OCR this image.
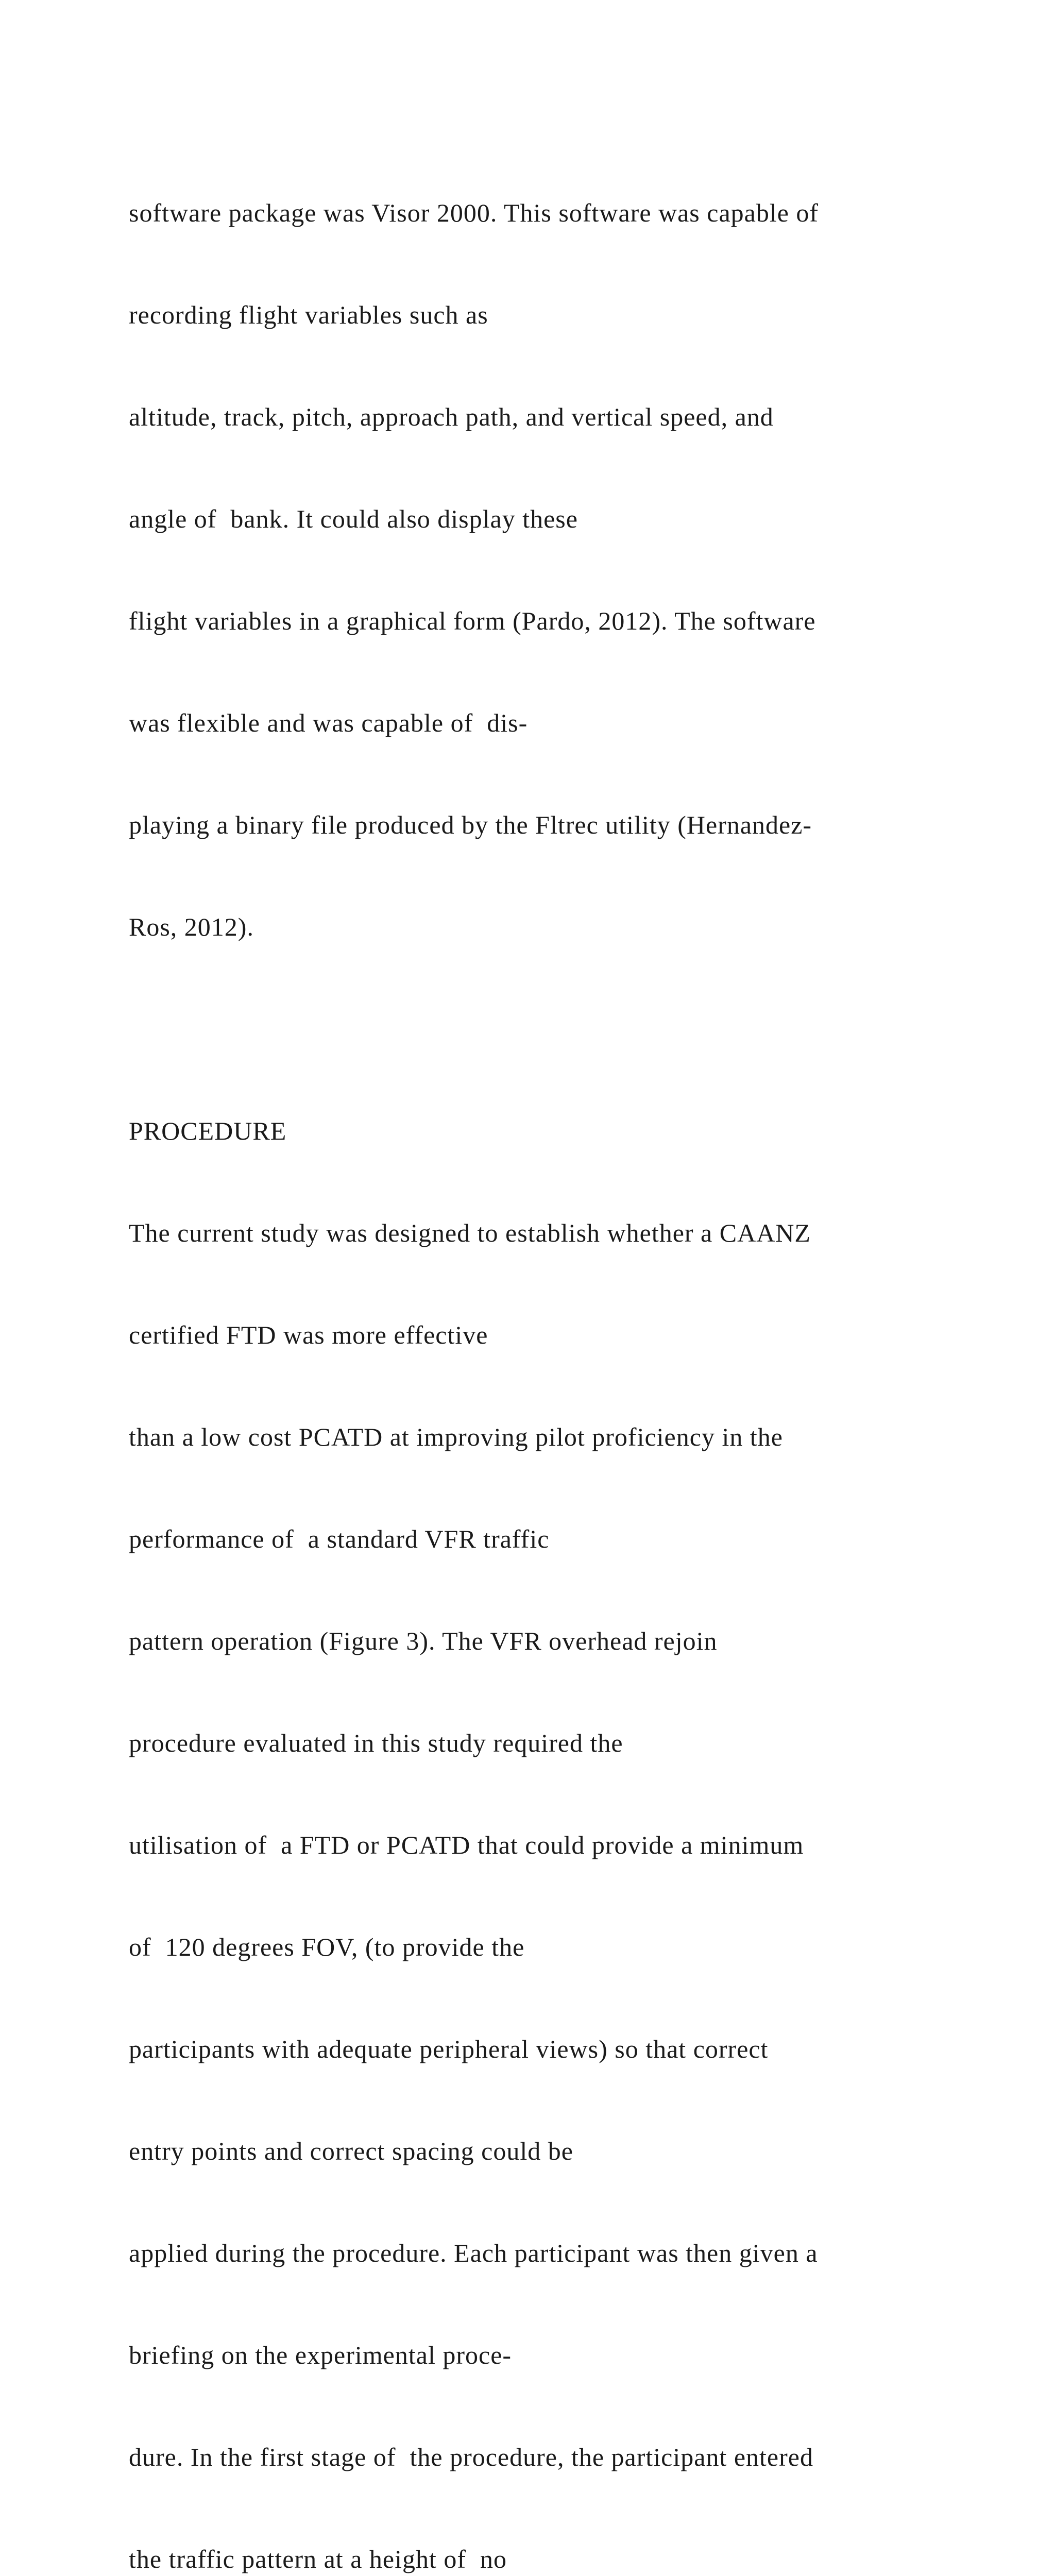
software package was Visor 2000. This software was capable of

recording flight variables such as

altitude, track, pitch, approach path, and vertical speed, and

angle of  bank. It could also display these

flight variables in a graphical form (Pardo, 2012). The software

was flexible and was capable of  dis-

playing a binary file produced by the Fltrec utility (Hernandez-

Ros, 2012).

PROCEDURE

The current study was designed to establish whether a CAANZ

certified FTD was more effective

than a low cost PCATD at improving pilot proficiency in the

performance of  a standard VFR traffic

pattern operation (Figure 3). The VFR overhead rejoin

procedure evaluated in this study required the

utilisation of  a FTD or PCATD that could provide a minimum

of  120 degrees FOV, (to provide the

participants with adequate peripheral views) so that correct

entry points and correct spacing could be

applied during the procedure. Each participant was then given a

briefing on the experimental proce-

dure. In the first stage of  the procedure, the participant entered

the traffic pattern at a height of  no
